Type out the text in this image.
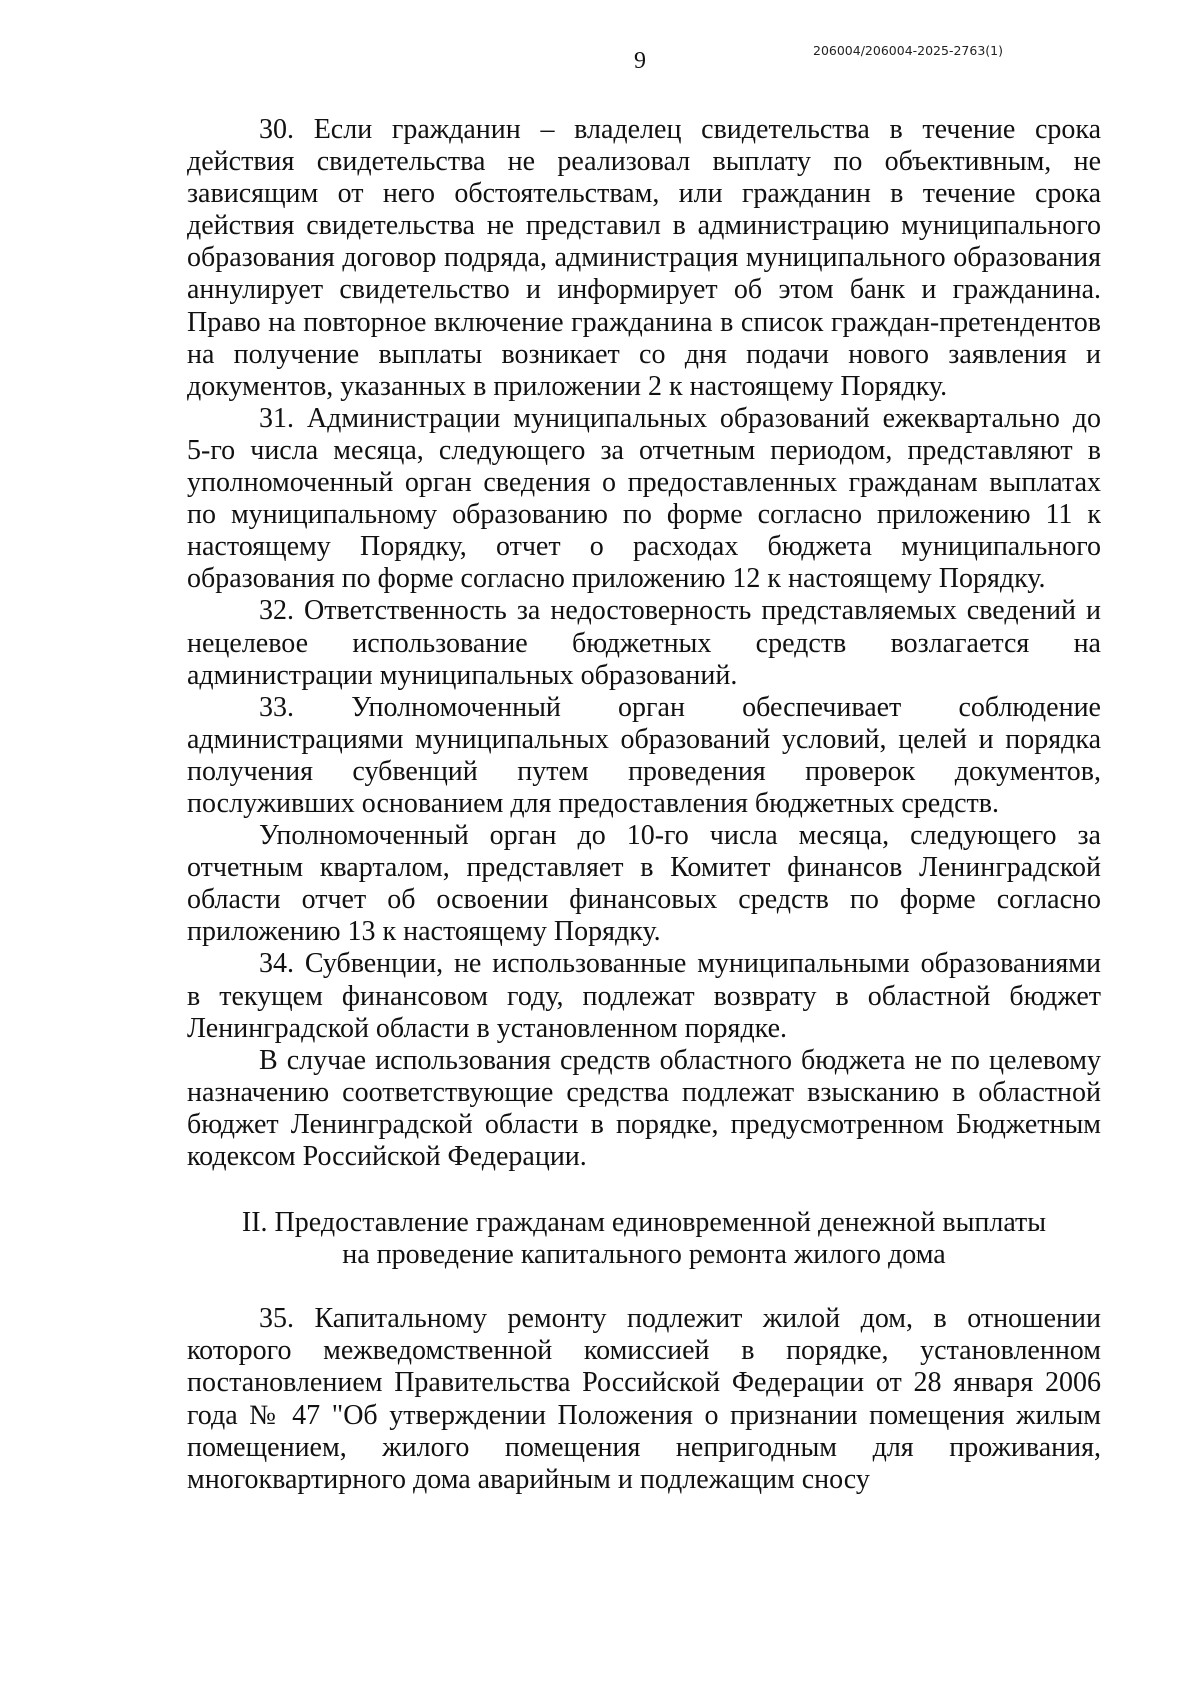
9	206004/206004-2025-2763(1)

30. Если гражданин – владелец свидетельства в течение срока действия свидетельства не реализовал выплату по объективным, не зависящим от него обстоятельствам, или гражданин в течение срока действия свидетельства не представил в администрацию муниципального образования договор подряда, администрация муниципального образования аннулирует свидетельство и информирует об этом банк и гражданина. Право на повторное включение гражданина в список граждан-претендентов на получение выплаты возникает со дня подачи нового заявления и документов, указанных в приложении 2 к настоящему Порядку.

31. Администрации муниципальных образований ежеквартально до 5-го числа месяца, следующего за отчетным периодом, представляют в уполномоченный орган сведения о предоставленных гражданам выплатах по муниципальному образованию по форме согласно приложению 11 к настоящему Порядку, отчет о расходах бюджета муниципального образования по форме согласно приложению 12 к настоящему Порядку.

32. Ответственность за недостоверность представляемых сведений и нецелевое использование бюджетных средств возлагается на администрации муниципальных образований.

33. Уполномоченный орган обеспечивает соблюдение администрациями муниципальных образований условий, целей и порядка получения субвенций путем проведения проверок документов, послуживших основанием для предоставления бюджетных средств.

Уполномоченный орган до 10-го числа месяца, следующего за отчетным кварталом, представляет в Комитет финансов Ленинградской области отчет об освоении финансовых средств по форме согласно приложению 13 к настоящему Порядку.

34. Субвенции, не использованные муниципальными образованиями в текущем финансовом году, подлежат возврату в областной бюджет Ленинградской области в установленном порядке.

В случае использования средств областного бюджета не по целевому назначению соответствующие средства подлежат взысканию в областной бюджет Ленинградской области в порядке, предусмотренном Бюджетным кодексом Российской Федерации.

II. Предоставление гражданам единовременной денежной выплаты
на проведение капитального ремонта жилого дома

35. Капитальному ремонту подлежит жилой дом, в отношении которого межведомственной комиссией в порядке, установленном постановлением Правительства Российской Федерации от 28 января 2006 года № 47 "Об утверждении Положения о признании помещения жилым помещением, жилого помещения непригодным для проживания, многоквартирного дома аварийным и подлежащим сносу
